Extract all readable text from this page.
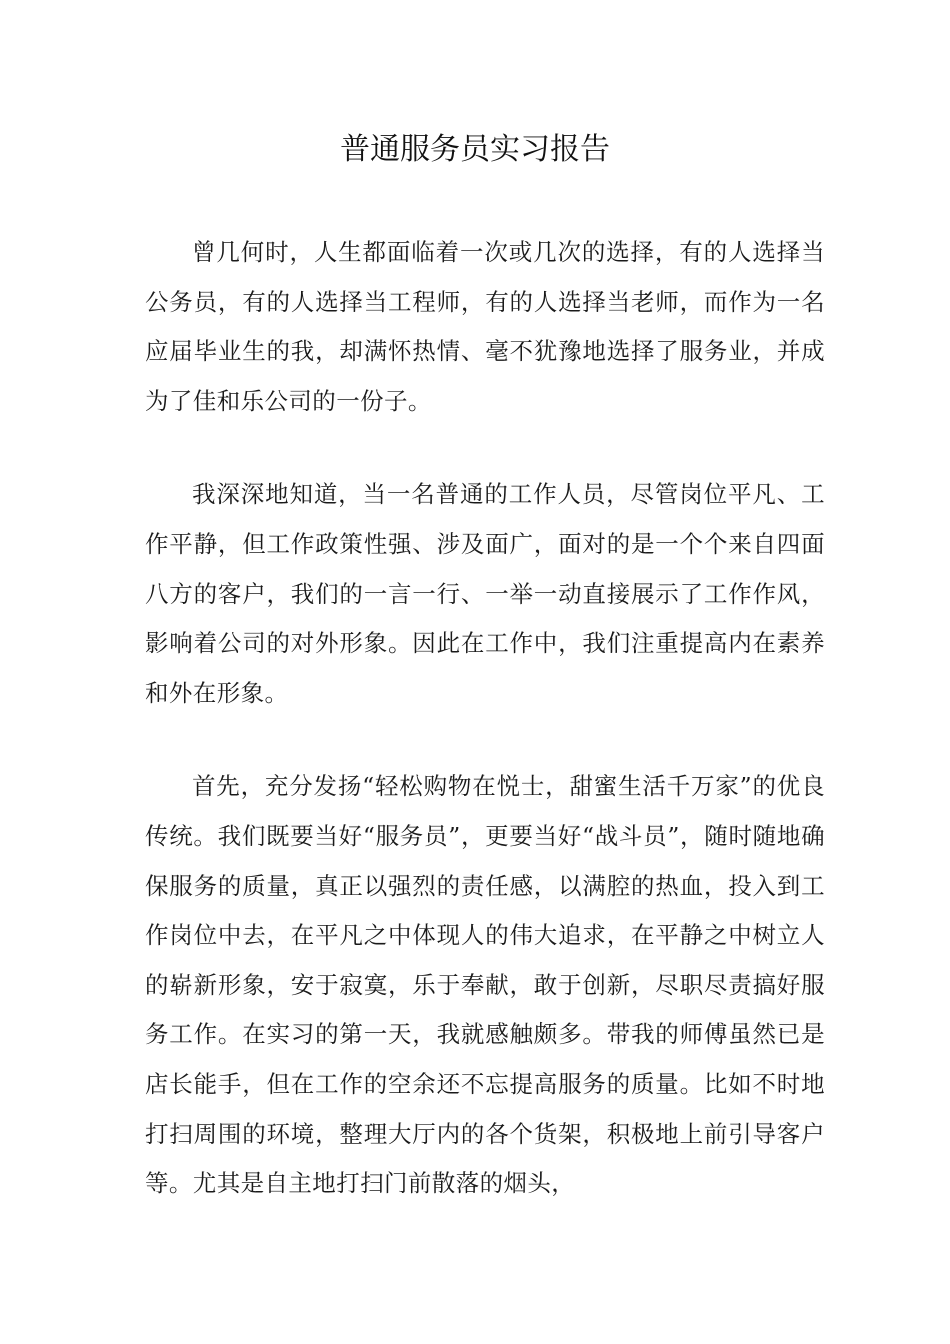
普通服务员实习报告

曾几何时，人生都面临着一次或几次的选择，有的人选择当公务员，有的人选择当工程师，有的人选择当老师，而作为一名应届毕业生的我，却满怀热情、毫不犹豫地选择了服务业，并成为了佳和乐公司的一份子。

我深深地知道，当一名普通的工作人员，尽管岗位平凡、工作平静，但工作政策性强、涉及面广，面对的是一个个来自四面八方的客户，我们的一言一行、一举一动直接展示了工作作风，影响着公司的对外形象。因此在工作中，我们注重提高内在素养和外在形象。

首先，充分发扬“轻松购物在悦士，甜蜜生活千万家”的优良传统。我们既要当好“服务员”，更要当好“战斗员”，随时随地确保服务的质量，真正以强烈的责任感，以满腔的热血，投入到工作岗位中去，在平凡之中体现人的伟大追求，在平静之中树立人的崭新形象，安于寂寞，乐于奉献，敢于创新，尽职尽责搞好服务工作。在实习的第一天，我就感触颇多。带我的师傅虽然已是店长能手，但在工作的空余还不忘提高服务的质量。比如不时地打扫周围的环境，整理大厅内的各个货架，积极地上前引导客户等。尤其是自主地打扫门前散落的烟头，
